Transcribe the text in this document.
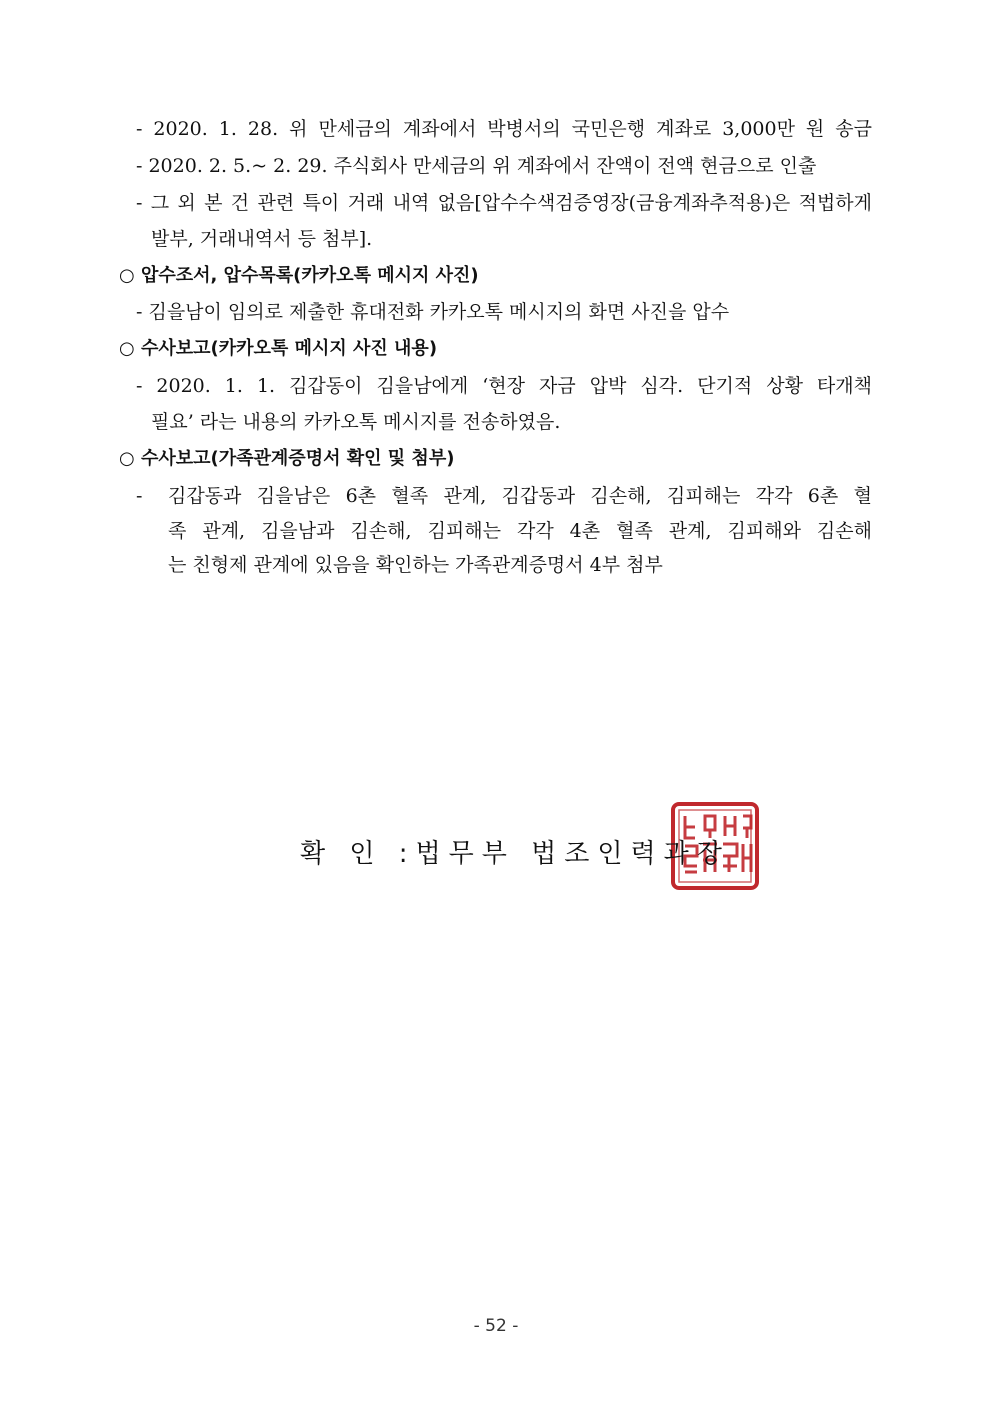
- 2020. 1. 28. 위 만세금의 계좌에서 박병서의 국민은행 계좌로 3,000만 원 송금
- 2020. 2. 5.~ 2. 29. 주식회사 만세금의 위 계좌에서 잔액이 전액 현금으로 인출
- 그 외 본 건 관련 특이 거래 내역 없음[압수수색검증영장(금융계좌추적용)은 적법하게
발부, 거래내역서 등 첨부].
○ 압수조서, 압수목록(카카오톡 메시지 사진)
- 김을남이 임의로 제출한 휴대전화 카카오톡 메시지의 화면 사진을 압수
○ 수사보고(카카오톡 메시지 사진 내용)
- 2020. 1. 1. 김갑동이 김을남에게 ‘현장 자금 압박 심각. 단기적 상황 타개책
필요’ 라는 내용의 카카오톡 메시지를 전송하였음.
○ 수사보고(가족관계증명서 확인 및 첨부)
- 김갑동과 김을남은 6촌 혈족 관계, 김갑동과 김손해, 김피해는 각각 6촌 혈
족 관계, 김을남과 김손해, 김피해는 각각 4촌 혈족 관계, 김피해와 김손해
는 친형제 관계에 있음을 확인하는 가족관계증명서 4부 첨부
확 인 :법무부 법조인력과장
- 52 -
